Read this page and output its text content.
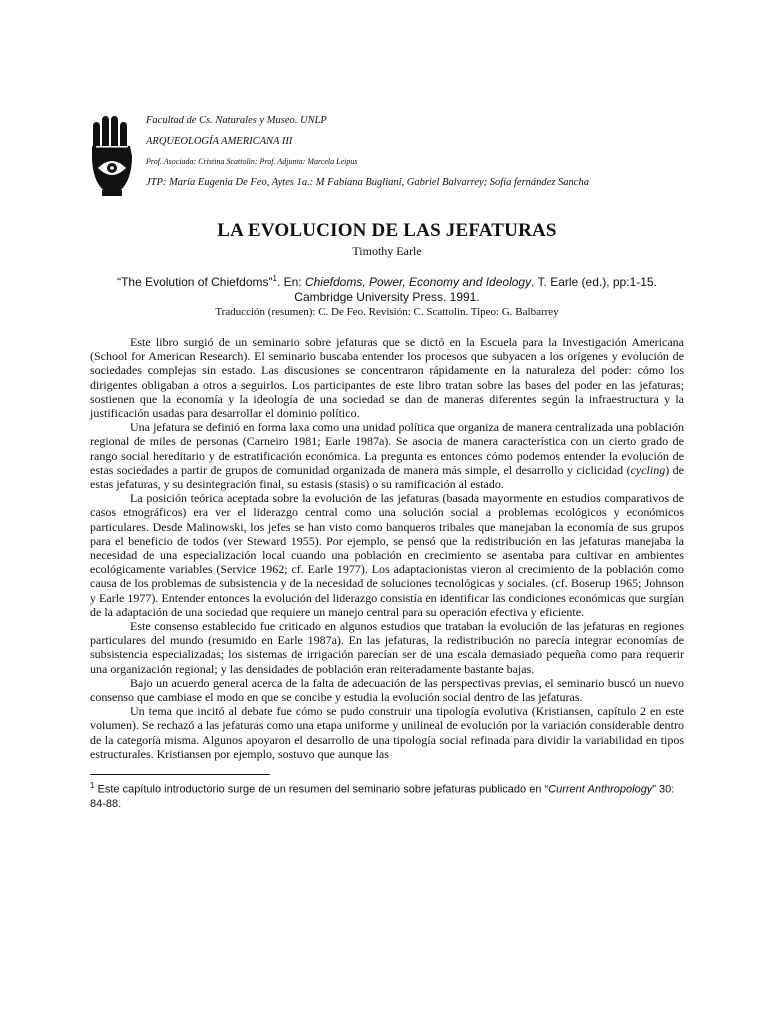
Facultad de Cs. Naturales y Museo. UNLP
ARQUEOLOGÍA AMERICANA III
Prof. Asociada: Cristina Scattolin; Prof. Adjunta: Marcela Leipus
JTP: María Eugenia De Feo, Aytes 1a.: M Fabiana Bugliani, Gabriel Balvarrey; Sofía fernández Sancha
LA EVOLUCION DE LAS JEFATURAS
Timothy Earle
“The Evolution of Chiefdoms”$^1$. En: Chiefdoms, Power, Economy and Ideology. T. Earle (ed.), pp:1-15. Cambridge University Press. 1991.
Traducción (resumen): C. De Feo. Revisión: C. Scattolin. Tipeo: G. Balbarrey

Este libro surgió de un seminario sobre jefaturas que se dictó en la Escuela para la Investigación Americana (School for American Research). El seminario buscaba entender los procesos que subyacen a los orígenes y evolución de sociedades complejas sin estado. Las discusiones se concentraron rápidamente en la naturaleza del poder: cómo los dirigentes obligaban a otros a seguirlos. Los participantes de este libro tratan sobre las bases del poder en las jefaturas; sostienen que la economía y la ideología de una sociedad se dan de maneras diferentes según la infraestructura y la justificación usadas para desarrollar el dominio político.

Una jefatura se definió en forma laxa como una unidad política que organiza de manera centralizada una población regional de miles de personas (Carneiro 1981; Earle 1987a). Se asocia de manera característica con un cierto grado de rango social hereditario y de estratificación económica. La pregunta es entonces cómo podemos entender la evolución de estas sociedades a partir de grupos de comunidad organizada de manera más simple, el desarrollo y ciclicidad (cycling) de estas jefaturas, y su desintegración final, su estasis (stasis) o su ramificación al estado.

La posición teórica aceptada sobre la evolución de las jefaturas (basada mayormente en estudios comparativos de casos etnográficos) era ver el liderazgo central como una solución social a problemas ecológicos y económicos particulares. Desde Malinowski, los jefes se han visto como banqueros tribales que manejaban la economía de sus grupos para el beneficio de todos (ver Steward 1955). Por ejemplo, se pensó que la redistribución en las jefaturas manejaba la necesidad de una especialización local cuando una población en crecimiento se asentaba para cultivar en ambientes ecológicamente variables (Service 1962; cf. Earle 1977). Los adaptacionistas vieron al crecimiento de la población como causa de los problemas de subsistencia y de la necesidad de soluciones tecnológicas y sociales. (cf. Boserup 1965; Johnson y Earle 1977). Entender entonces la evolución del liderazgo consistía en identificar las condiciones económicas que surgían de la adaptación de una sociedad que requiere un manejo central para su operación efectiva y eficiente.

Este consenso establecido fue criticado en algunos estudios que trataban la evolución de las jefaturas en regiones particulares del mundo (resumido en Earle 1987a). En las jefaturas, la redistribución no parecía integrar economías de subsistencia especializadas; los sistemas de irrigación parecían ser de una escala demasiado pequeña como para requerir una organización regional; y las densidades de población eran reiteradamente bastante bajas.

Bajo un acuerdo general acerca de la falta de adecuación de las perspectivas previas, el seminario buscó un nuevo consenso que cambiase el modo en que se concibe y estudia la evolución social dentro de las jefaturas.

Un tema que incitó al debate fue cómo se pudo construir una tipología evolutiva (Kristiansen, capítulo 2 en este volumen). Se rechazó a las jefaturas como una etapa uniforme y unilineal de evolución por la variación considerable dentro de la categoría misma. Algunos apoyaron el desarrollo de una tipología social refinada para dividir la variabilidad en tipos estructurales. Kristiansen por ejemplo, sostuvo que aunque las

$^1$ Este capítulo introductorio surge de un resumen del seminario sobre jefaturas publicado en “Current Anthropology” 30: 84-88.
